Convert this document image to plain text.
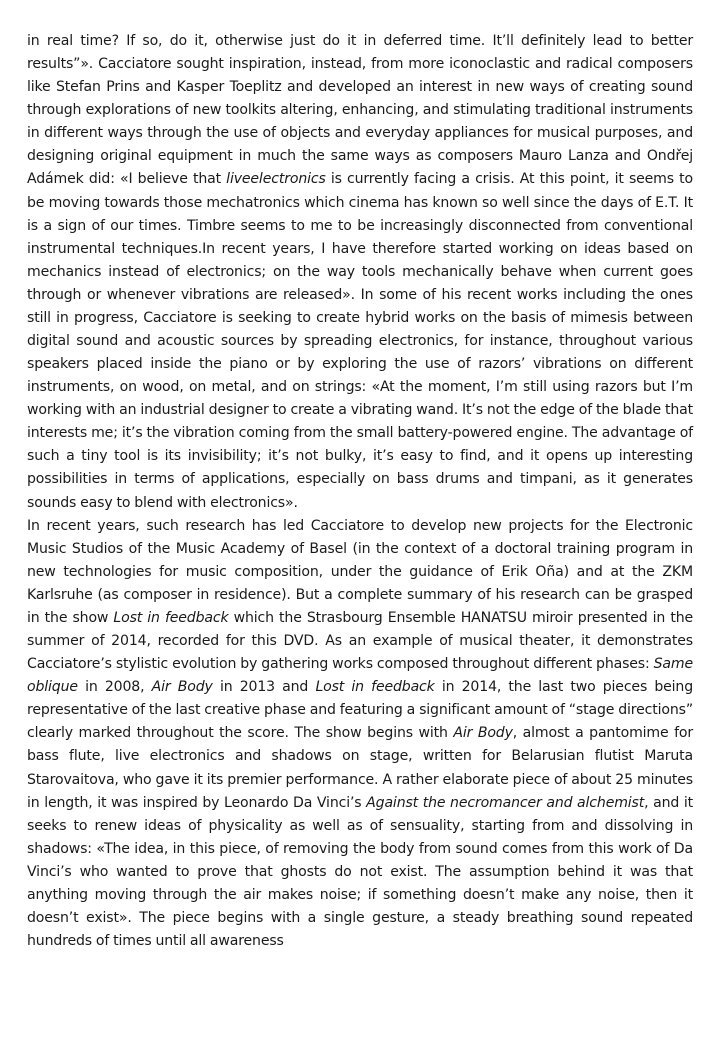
in real time? If so, do it, otherwise just do it in deferred time. It’ll definitely lead to better results”». Cacciatore sought inspiration, instead, from more iconoclastic and radical composers like Stefan Prins and Kasper Toeplitz and developed an interest in new ways of creating sound through explorations of new toolkits altering, enhancing, and stimulating traditional instruments in different ways through the use of objects and everyday appliances for musical purposes, and designing original equipment in much the same ways as composers Mauro Lanza and Ondřej Adámek did: «I believe that liveelectronics is currently facing a crisis. At this point, it seems to be moving towards those mechatronics which cinema has known so well since the days of E.T. It is a sign of our times. Timbre seems to me to be increasingly disconnected from conventional instrumental techniques.In recent years, I have therefore started working on ideas based on mechanics instead of electronics; on the way tools mechanically behave when current goes through or whenever vibrations are released». In some of his recent works including the ones still in progress, Cacciatore is seeking to create hybrid works on the basis of mimesis between digital sound and acoustic sources by spreading electronics, for instance, throughout various speakers placed inside the piano or by exploring the use of razors’ vibrations on different instruments, on wood, on metal, and on strings: «At the moment, I’m still using razors but I’m working with an industrial designer to create a vibrating wand. It’s not the edge of the blade that interests me; it’s the vibration coming from the small battery-powered engine. The advantage of such a tiny tool is its invisibility; it’s not bulky, it’s easy to find, and it opens up interesting possibilities in terms of applications, especially on bass drums and timpani, as it generates sounds easy to blend with electronics».

In recent years, such research has led Cacciatore to develop new projects for the Electronic Music Studios of the Music Academy of Basel (in the context of a doctoral training program in new technologies for music composition, under the guidance of Erik Oña) and at the ZKM Karlsruhe (as composer in residence). But a complete summary of his research can be grasped in the show Lost in feedback which the Strasbourg Ensemble HANATSU miroir presented in the summer of 2014, recorded for this DVD. As an example of musical theater, it demonstrates Cacciatore’s stylistic evolution by gathering works composed throughout different phases: Same oblique in 2008, Air Body in 2013 and Lost in feedback in 2014, the last two pieces being representative of the last creative phase and featuring a significant amount of “stage directions” clearly marked throughout the score. The show begins with Air Body, almost a pantomime for bass flute, live electronics and shadows on stage, written for Belarusian flutist Maruta Starovaitova, who gave it its premier performance. A rather elaborate piece of about 25 minutes in length, it was inspired by Leonardo Da Vinci’s Against the necromancer and alchemist, and it seeks to renew ideas of physicality as well as of sensuality, starting from and dissolving in shadows: «The idea, in this piece, of removing the body from sound comes from this work of Da Vinci’s who wanted to prove that ghosts do not exist. The assumption behind it was that anything moving through the air makes noise; if something doesn’t make any noise, then it doesn’t exist». The piece begins with a single gesture, a steady breathing sound repeated hundreds of times until all awareness
